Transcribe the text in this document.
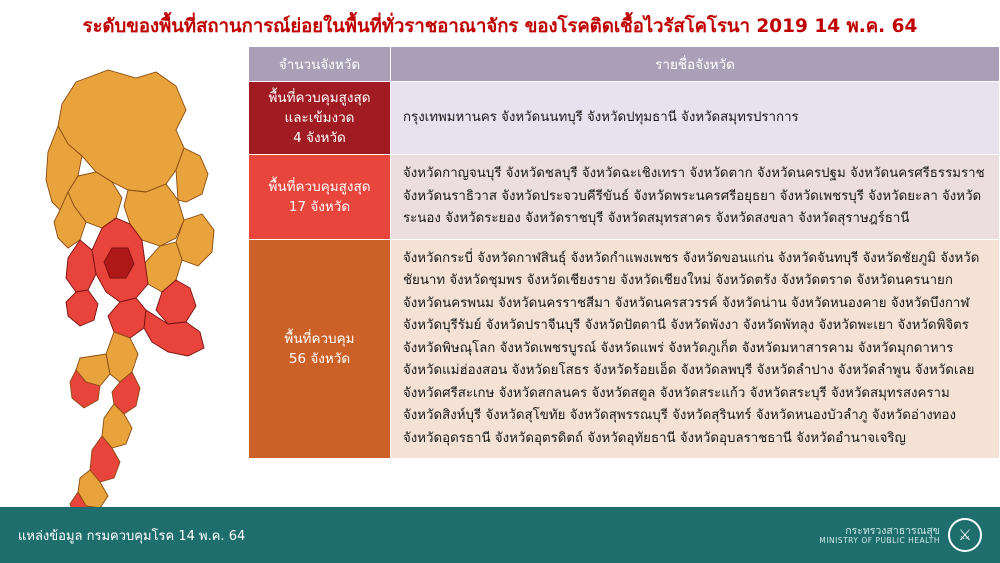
ระดับของพื้นที่สถานการณ์ย่อยในพื้นที่ทั่วราชอาณาจักร ของโรคติดเชื้อไวรัสโคโรนา 2019 14 พ.ค. 64
จำนวนจังหวัด	รายชื่อจังหวัด

พื้นที่ควบคุมสูงสุด
และเข้มงวด
4 จังหวัด	กรุงเทพมหานคร จังหวัดนนทบุรี จังหวัดปทุมธานี จังหวัดสมุทรปราการ

พื้นที่ควบคุมสูงสุด
17 จังหวัด	จังหวัดกาญจนบุรี จังหวัดชลบุรี จังหวัดฉะเชิงเทรา จังหวัดตาก จังหวัดนครปฐม จังหวัดนครศรีธรรมราช จังหวัดนราธิวาส จังหวัดประจวบคีรีขันธ์ จังหวัดพระนครศรีอยุธยา จังหวัดเพชรบุรี จังหวัดยะลา จังหวัดระนอง จังหวัดระยอง จังหวัดราชบุรี จังหวัดสมุทรสาคร จังหวัดสงขลา จังหวัดสุราษฎร์ธานี

พื้นที่ควบคุม
56 จังหวัด	จังหวัดกระบี่ จังหวัดกาฬสินธุ์ จังหวัดกำแพงเพชร จังหวัดขอนแก่น จังหวัดจันทบุรี จังหวัดชัยภูมิ จังหวัดชัยนาท จังหวัดชุมพร จังหวัดเชียงราย จังหวัดเชียงใหม่ จังหวัดตรัง จังหวัดตราด จังหวัดนครนายก จังหวัดนครพนม จังหวัดนครราชสีมา จังหวัดนครสวรรค์ จังหวัดน่าน จังหวัดหนองคาย จังหวัดบึงกาฬ จังหวัดบุรีรัมย์ จังหวัดปราจีนบุรี จังหวัดปัตตานี จังหวัดพังงา จังหวัดพัทลุง จังหวัดพะเยา จังหวัดพิจิตร จังหวัดพิษณุโลก จังหวัดเพชรบูรณ์ จังหวัดแพร่ จังหวัดภูเก็ต จังหวัดมหาสารคาม จังหวัดมุกดาหาร จังหวัดแม่ฮ่องสอน จังหวัดยโสธร จังหวัดร้อยเอ็ด จังหวัดลพบุรี จังหวัดลำปาง จังหวัดลำพูน จังหวัดเลย จังหวัดศรีสะเกษ จังหวัดสกลนคร จังหวัดสตูล จังหวัดสระแก้ว จังหวัดสระบุรี จังหวัดสมุทรสงคราม จังหวัดสิงห์บุรี จังหวัดสุโขทัย จังหวัดสุพรรณบุรี จังหวัดสุรินทร์ จังหวัดหนองบัวลำภู จังหวัดอ่างทอง จังหวัดอุดรธานี จังหวัดอุตรดิตถ์ จังหวัดอุทัยธานี จังหวัดอุบลราชธานี จังหวัดอำนาจเจริญ
แหล่งข้อมูล กรมควบคุมโรค 14 พ.ค. 64	กระทรวงสาธารณสุข
MINISTRY OF PUBLIC HEALTH	⚔
